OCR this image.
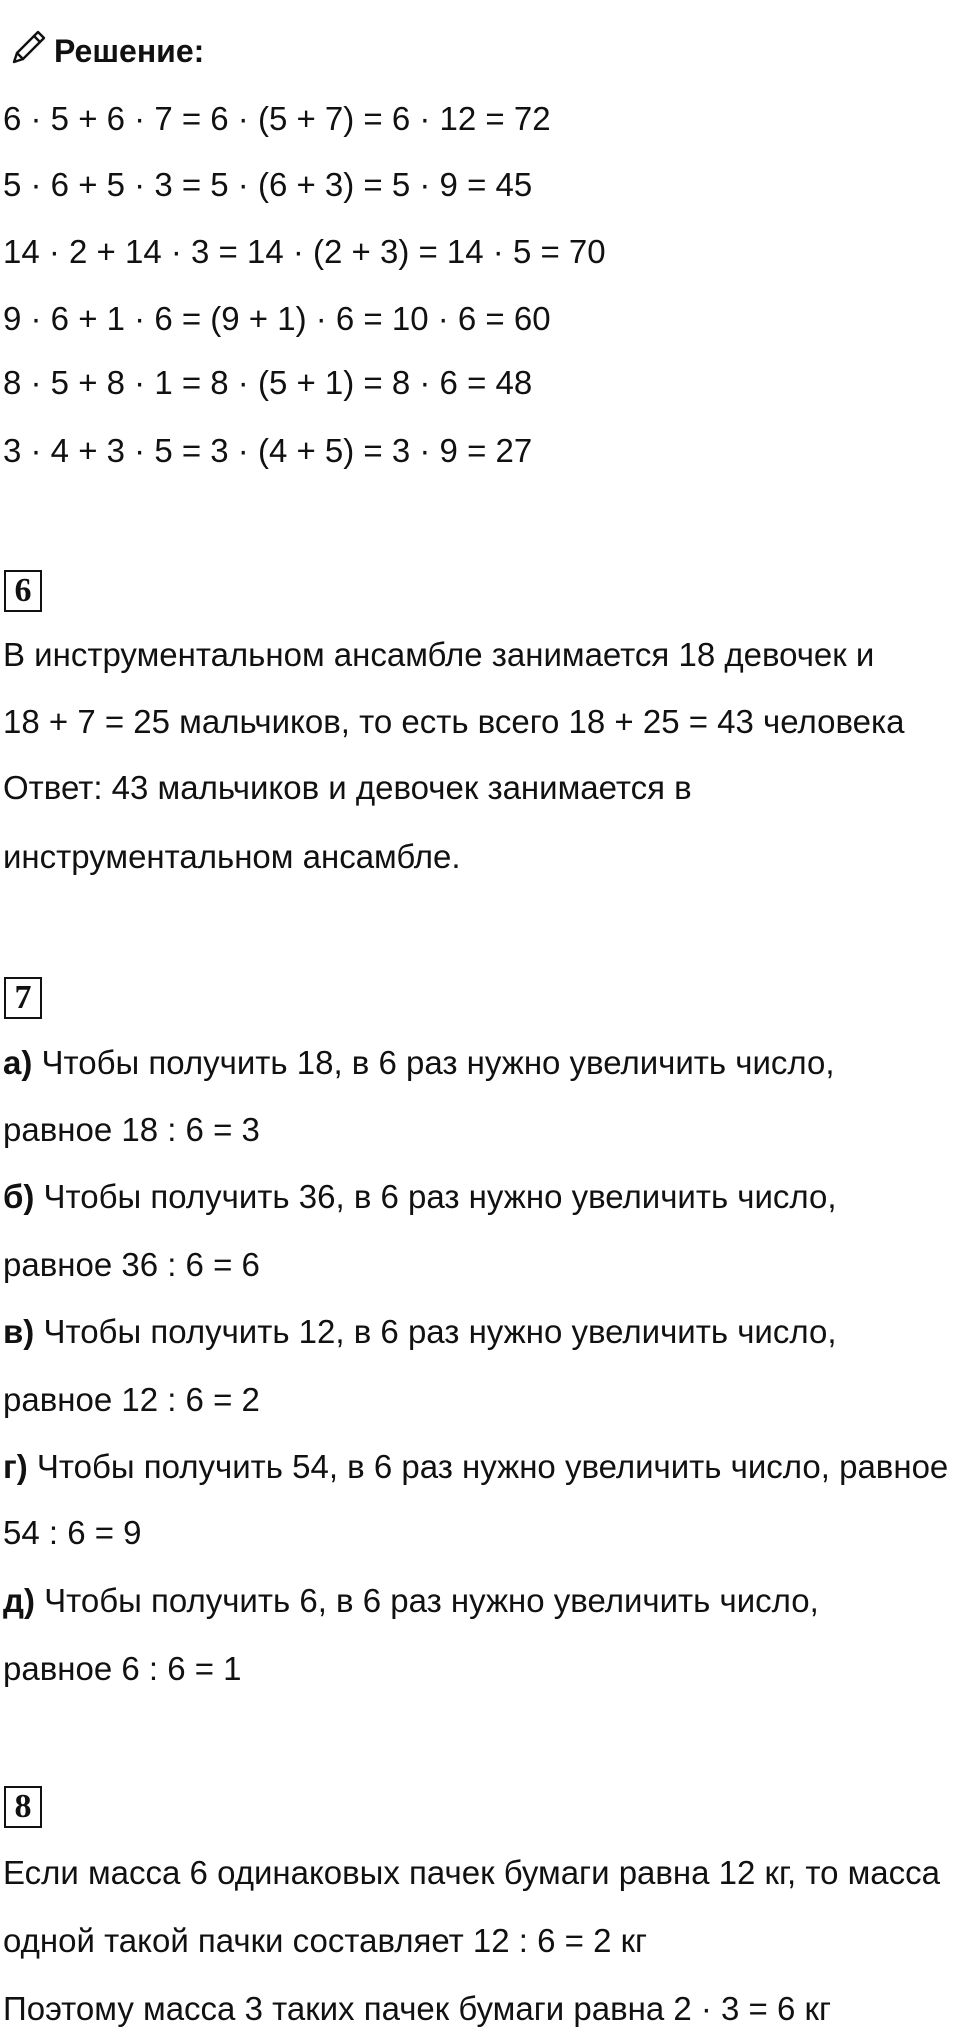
Решение:
6 · 5 + 6 · 7 = 6 · (5 + 7) = 6 · 12 = 72
5 · 6 + 5 · 3 = 5 · (6 + 3) = 5 · 9 = 45
14 · 2 + 14 · 3 = 14 · (2 + 3) = 14 · 5 = 70
9 · 6 + 1 · 6 = (9 + 1) · 6 = 10 · 6 = 60
8 · 5 + 8 · 1 = 8 · (5 + 1) = 8 · 6 = 48
3 · 4 + 3 · 5 = 3 · (4 + 5) = 3 · 9 = 27
6
В инструментальном ансамбле занимается 18 девочек и
18 + 7 = 25 мальчиков, то есть всего 18 + 25 = 43 человека
Ответ: 43 мальчиков и девочек занимается в
инструментальном ансамбле.
7
а) Чтобы получить 18, в 6 раз нужно увеличить число,
равное 18 : 6 = 3
б) Чтобы получить 36, в 6 раз нужно увеличить число,
равное 36 : 6 = 6
в) Чтобы получить 12, в 6 раз нужно увеличить число,
равное 12 : 6 = 2
г) Чтобы получить 54, в 6 раз нужно увеличить число, равное
54 : 6 = 9
д) Чтобы получить 6, в 6 раз нужно увеличить число,
равное 6 : 6 = 1
8
Если масса 6 одинаковых пачек бумаги равна 12 кг, то масса
одной такой пачки составляет 12 : 6 = 2 кг
Поэтому масса 3 таких пачек бумаги равна 2 · 3 = 6 кг
